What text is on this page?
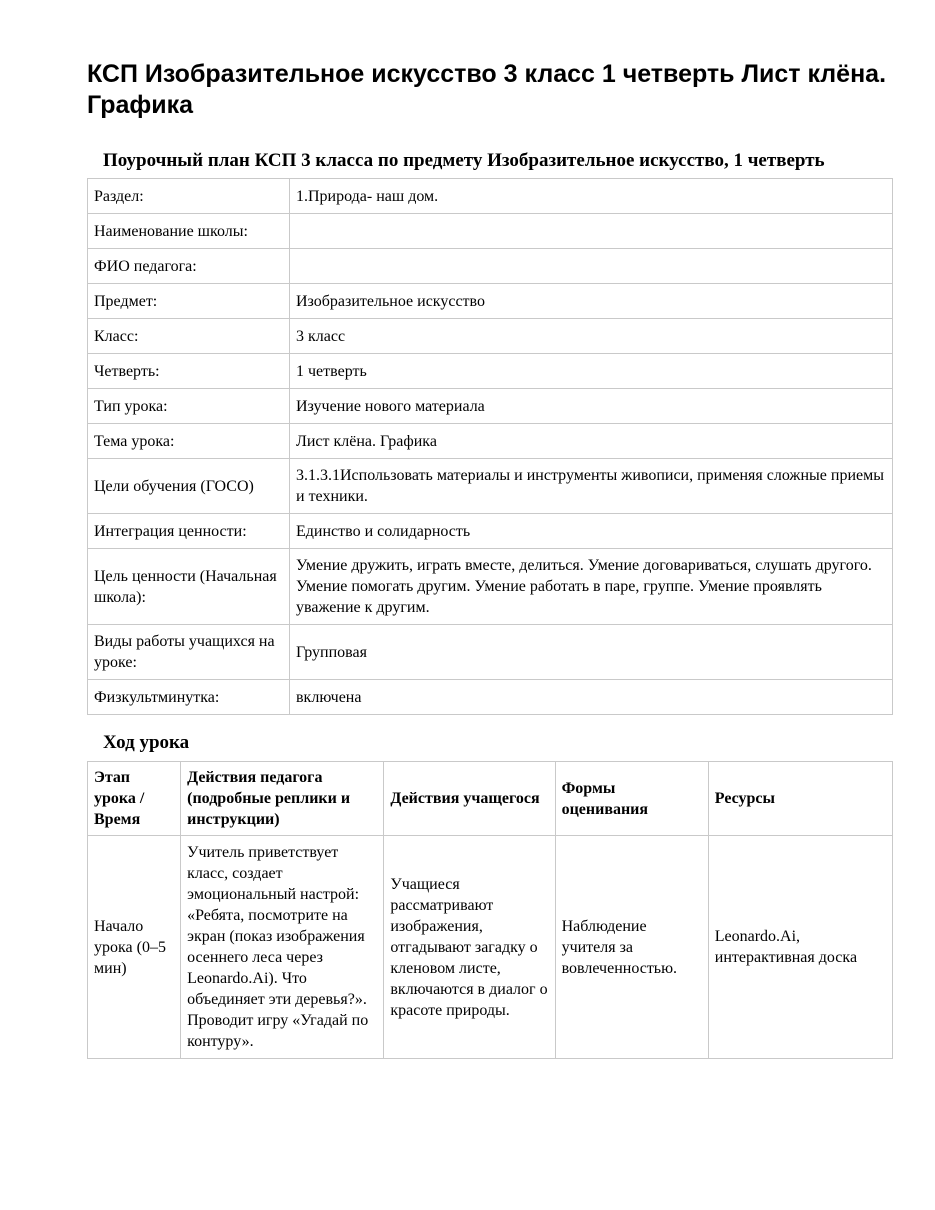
КСП Изобразительное искусство 3 класс 1 четверть Лист клёна. Графика
Поурочный план КСП 3 класса по предмету Изобразительное искусство, 1 четверть
Раздел:	1.Природа- наш дом.
Наименование школы:	
ФИО педагога:	
Предмет:	Изобразительное искусство
Класс:	3 класс
Четверть:	1 четверть
Тип урока:	Изучение нового материала
Тема урока:	Лист клёна. Графика
Цели обучения (ГОСО)	3.1.3.1Использовать материалы и инструменты живописи, применяя сложные приемы и техники.
Интеграция ценности:	Единство и солидарность
Цель ценности (Начальная школа):	Умение дружить, играть вместе, делиться. Умение договариваться, слушать другого. Умение помогать другим. Умение работать в паре, группе. Умение проявлять уважение к другим.
Виды работы учащихся на уроке:	Групповая
Физкультминутка:	включена
Ход урока
Этап урока / Время	Действия педагога (подробные реплики и инструкции)	Действия учащегося	Формы оценивания	Ресурсы
Начало урока (0–5 мин)	Учитель приветствует класс, создает эмоциональный настрой: «Ребята, посмотрите на экран (показ изображения осеннего леса через Leonardo.Ai). Что объединяет эти деревья?». Проводит игру «Угадай по контуру».	Учащиеся рассматривают изображения, отгадывают загадку о кленовом листе, включаются в диалог о красоте природы.	Наблюдение учителя за вовлеченностью.	Leonardo.Ai, интерактивная доска
